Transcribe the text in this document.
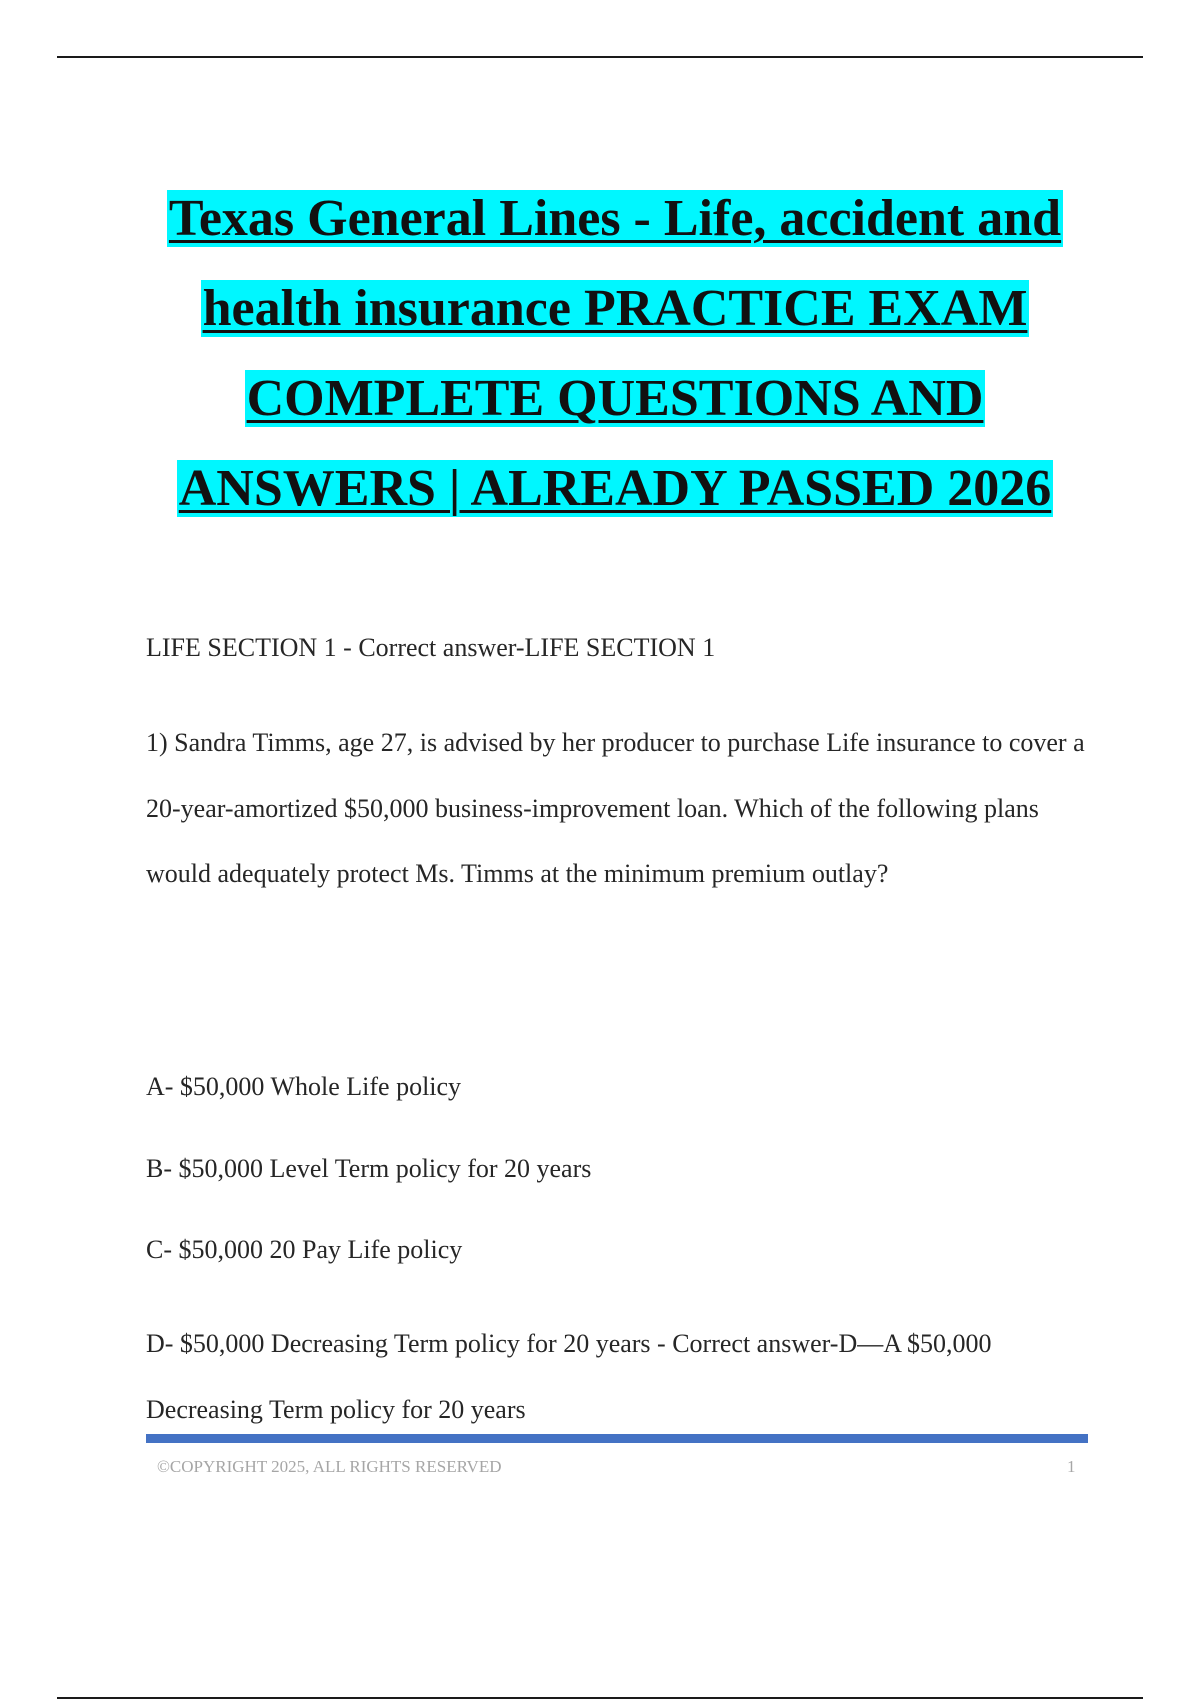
Texas General Lines - Life, accident and
health insurance PRACTICE EXAM
COMPLETE QUESTIONS AND
ANSWERS | ALREADY PASSED 2026

LIFE SECTION 1 - Correct answer-LIFE SECTION 1

1) Sandra Timms, age 27, is advised by her producer to purchase Life insurance to cover a 20-year-amortized $50,000 business-improvement loan. Which of the following plans would adequately protect Ms. Timms at the minimum premium outlay?

A- $50,000 Whole Life policy

B- $50,000 Level Term policy for 20 years

C- $50,000 20 Pay Life policy

D- $50,000 Decreasing Term policy for 20 years - Correct answer-D—A $50,000 Decreasing Term policy for 20 years

©COPYRIGHT 2025, ALL RIGHTS RESERVED	1
